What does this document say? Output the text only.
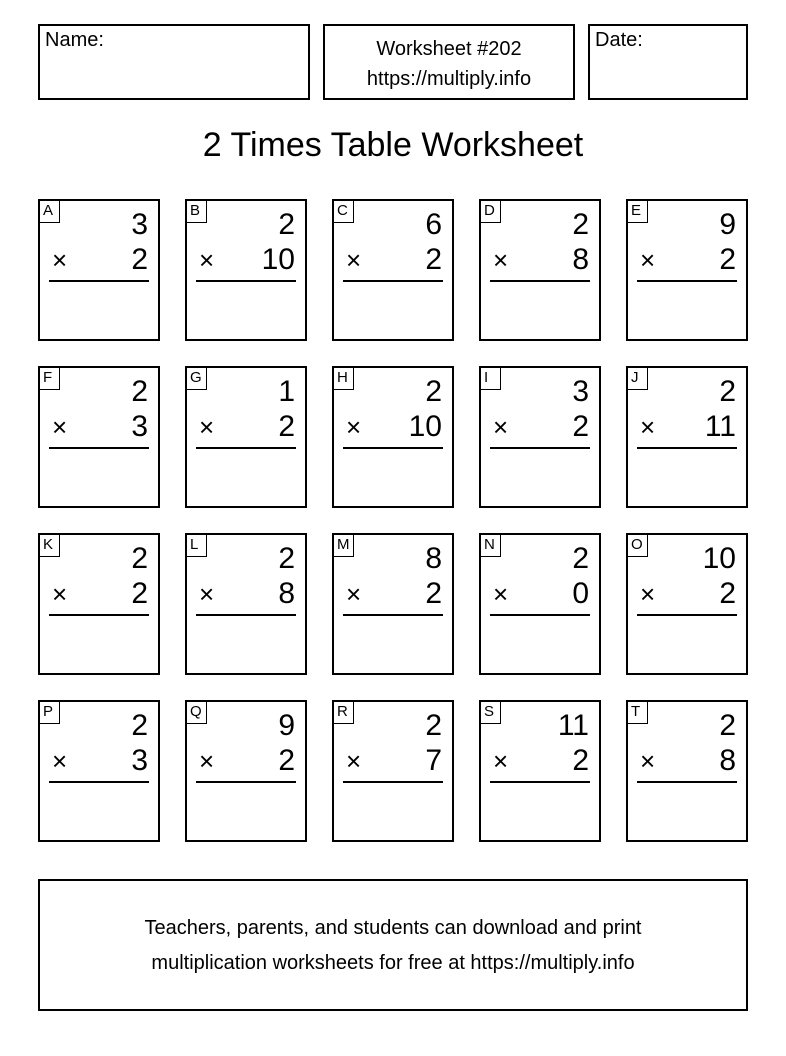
Name:	Worksheet #202
https://multiply.info
Date:
2 Times Table Worksheet
A	3
× 2
B	2
× 10
C	6
× 2
D	2
× 8
E	9
× 2
F	2
× 3
G	1
× 2
H	2
× 10
I	3
× 2
J	2
× 11
K	2
× 2
L	2
× 8
M	8
× 2
N	2
× 0
O 10
× 2
P	2
× 3
Q	9
× 2
R	2
× 7
S 11
× 2
T	2
× 8
Teachers, parents, and students can download and print
multiplication worksheets for free at https://multiply.info
